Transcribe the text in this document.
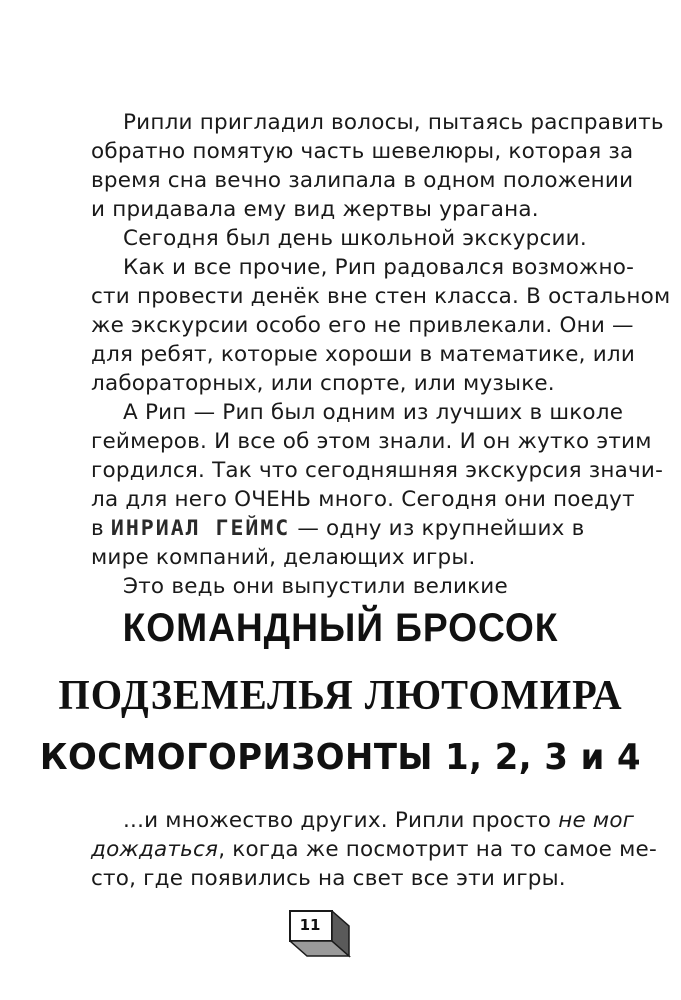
Рипли пригладил волосы, пытаясь расправить
обратно помятую часть шевелюры, которая за
время сна вечно залипала в одном положении
и придавала ему вид жертвы урагана.
Сегодня был день школьной экскурсии.
Как и все прочие, Рип радовался возможно-
сти провести денёк вне стен класса. В остальном
же экскурсии особо его не привлекали. Они —
для ребят, которые хороши в математике, или
лабораторных, или спорте, или музыке.
А Рип — Рип был одним из лучших в школе
геймеров. И все об этом знали. И он жутко этим
гордился. Так что сегодняшняя экскурсия значи-
ла для него ОЧЕНЬ много. Сегодня они поедут
в ИНРИАЛ ГЕЙМС — одну из крупнейших в
мире компаний, делающих игры.
Это ведь они выпустили великие
КОМАНДНЫЙ БРОСОК
ПОДЗЕМЕЛЬЯ ЛЮТОМИРА
КОСМОГОРИЗОНТЫ 1, 2, 3 и 4
...и множество других. Рипли просто не мог
дождаться, когда же посмотрит на то самое ме-
сто, где появились на свет все эти игры.
11
